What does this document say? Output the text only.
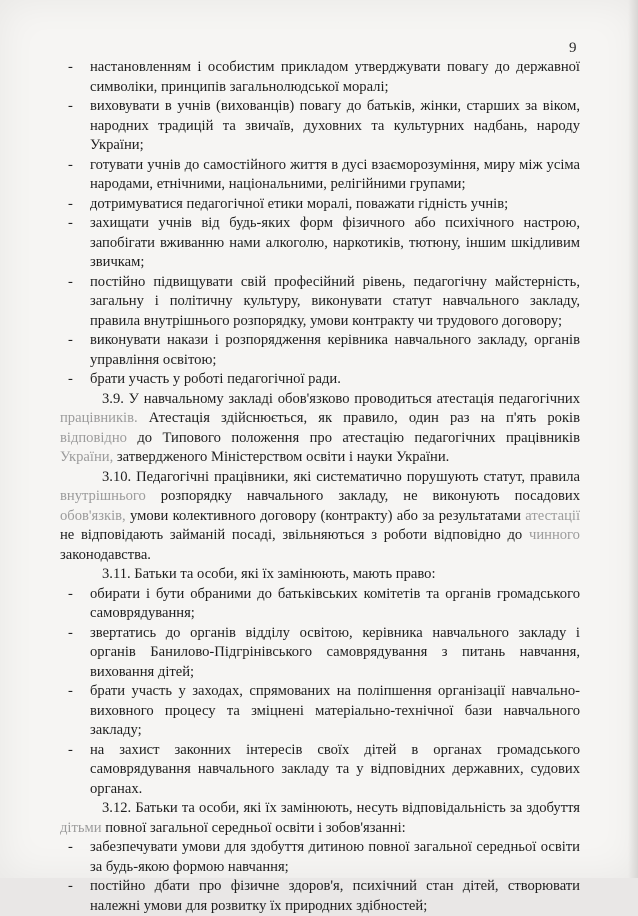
9

- настановленням і особистим прикладом утверджувати повагу до державної символіки, принципів загальнолюдської моралі;

- виховувати в учнів (вихованців) повагу до батьків, жінки, старших за віком, народних традицій та звичаїв, духовних та культурних надбань, народу України;

- готувати учнів до самостійного життя в дусі взаєморозуміння, миру між усіма народами, етнічними, національними, релігійними групами;

- дотримуватися педагогічної етики моралі, поважати гідність учнів;

- захищати учнів від будь-яких форм фізичного або психічного настрою, запобігати вживанню нами алкоголю, наркотиків, тютюну, іншим шкідливим звичкам;

- постійно підвищувати свій професійний рівень, педагогічну майстерність, загальну і політичну культуру, виконувати статут навчального закладу, правила внутрішнього розпорядку, умови контракту чи трудового договору;

- виконувати накази і розпорядження керівника навчального закладу, органів управління освітою;

- брати участь у роботі педагогічної ради.

3.9. У навчальному закладі обов'язково проводиться атестація педагогічних працівників. Атестація здійснюється, як правило, один раз на п'ять років відповідно до Типового положення про атестацію педагогічних працівників України, затвердженого Міністерством освіти і науки України.

3.10. Педагогічні працівники, які систематично порушують статут, правила внутрішнього розпорядку навчального закладу, не виконують посадових обов'язків, умови колективного договору (контракту) або за результатами атестації не відповідають займаній посаді, звільняються з роботи відповідно до чинного законодавства.

3.11. Батьки та особи, які їх замінюють, мають право:

- обирати і бути обраними до батьківських комітетів та органів громадського самоврядування;

- звертатись до органів відділу освітою, керівника навчального закладу і органів Банилово-Підгрінівського самоврядування з питань навчання, виховання дітей;

- брати участь у заходах, спрямованих на поліпшення організації навчально-виховного процесу та зміцнені матеріально-технічної бази навчального закладу;

- на захист законних інтересів своїх дітей в органах громадського самоврядування навчального закладу та у відповідних державних, судових органах.

3.12. Батьки та особи, які їх замінюють, несуть відповідальність за здобуття дітьми повної загальної середньої освіти і зобов'язанні:

- забезпечувати умови для здобуття дитиною повної загальної середньої освіти за будь-якою формою навчання;

- постійно дбати про фізичне здоров'я, психічний стан дітей, створювати належні умови для розвитку їх природних здібностей;
